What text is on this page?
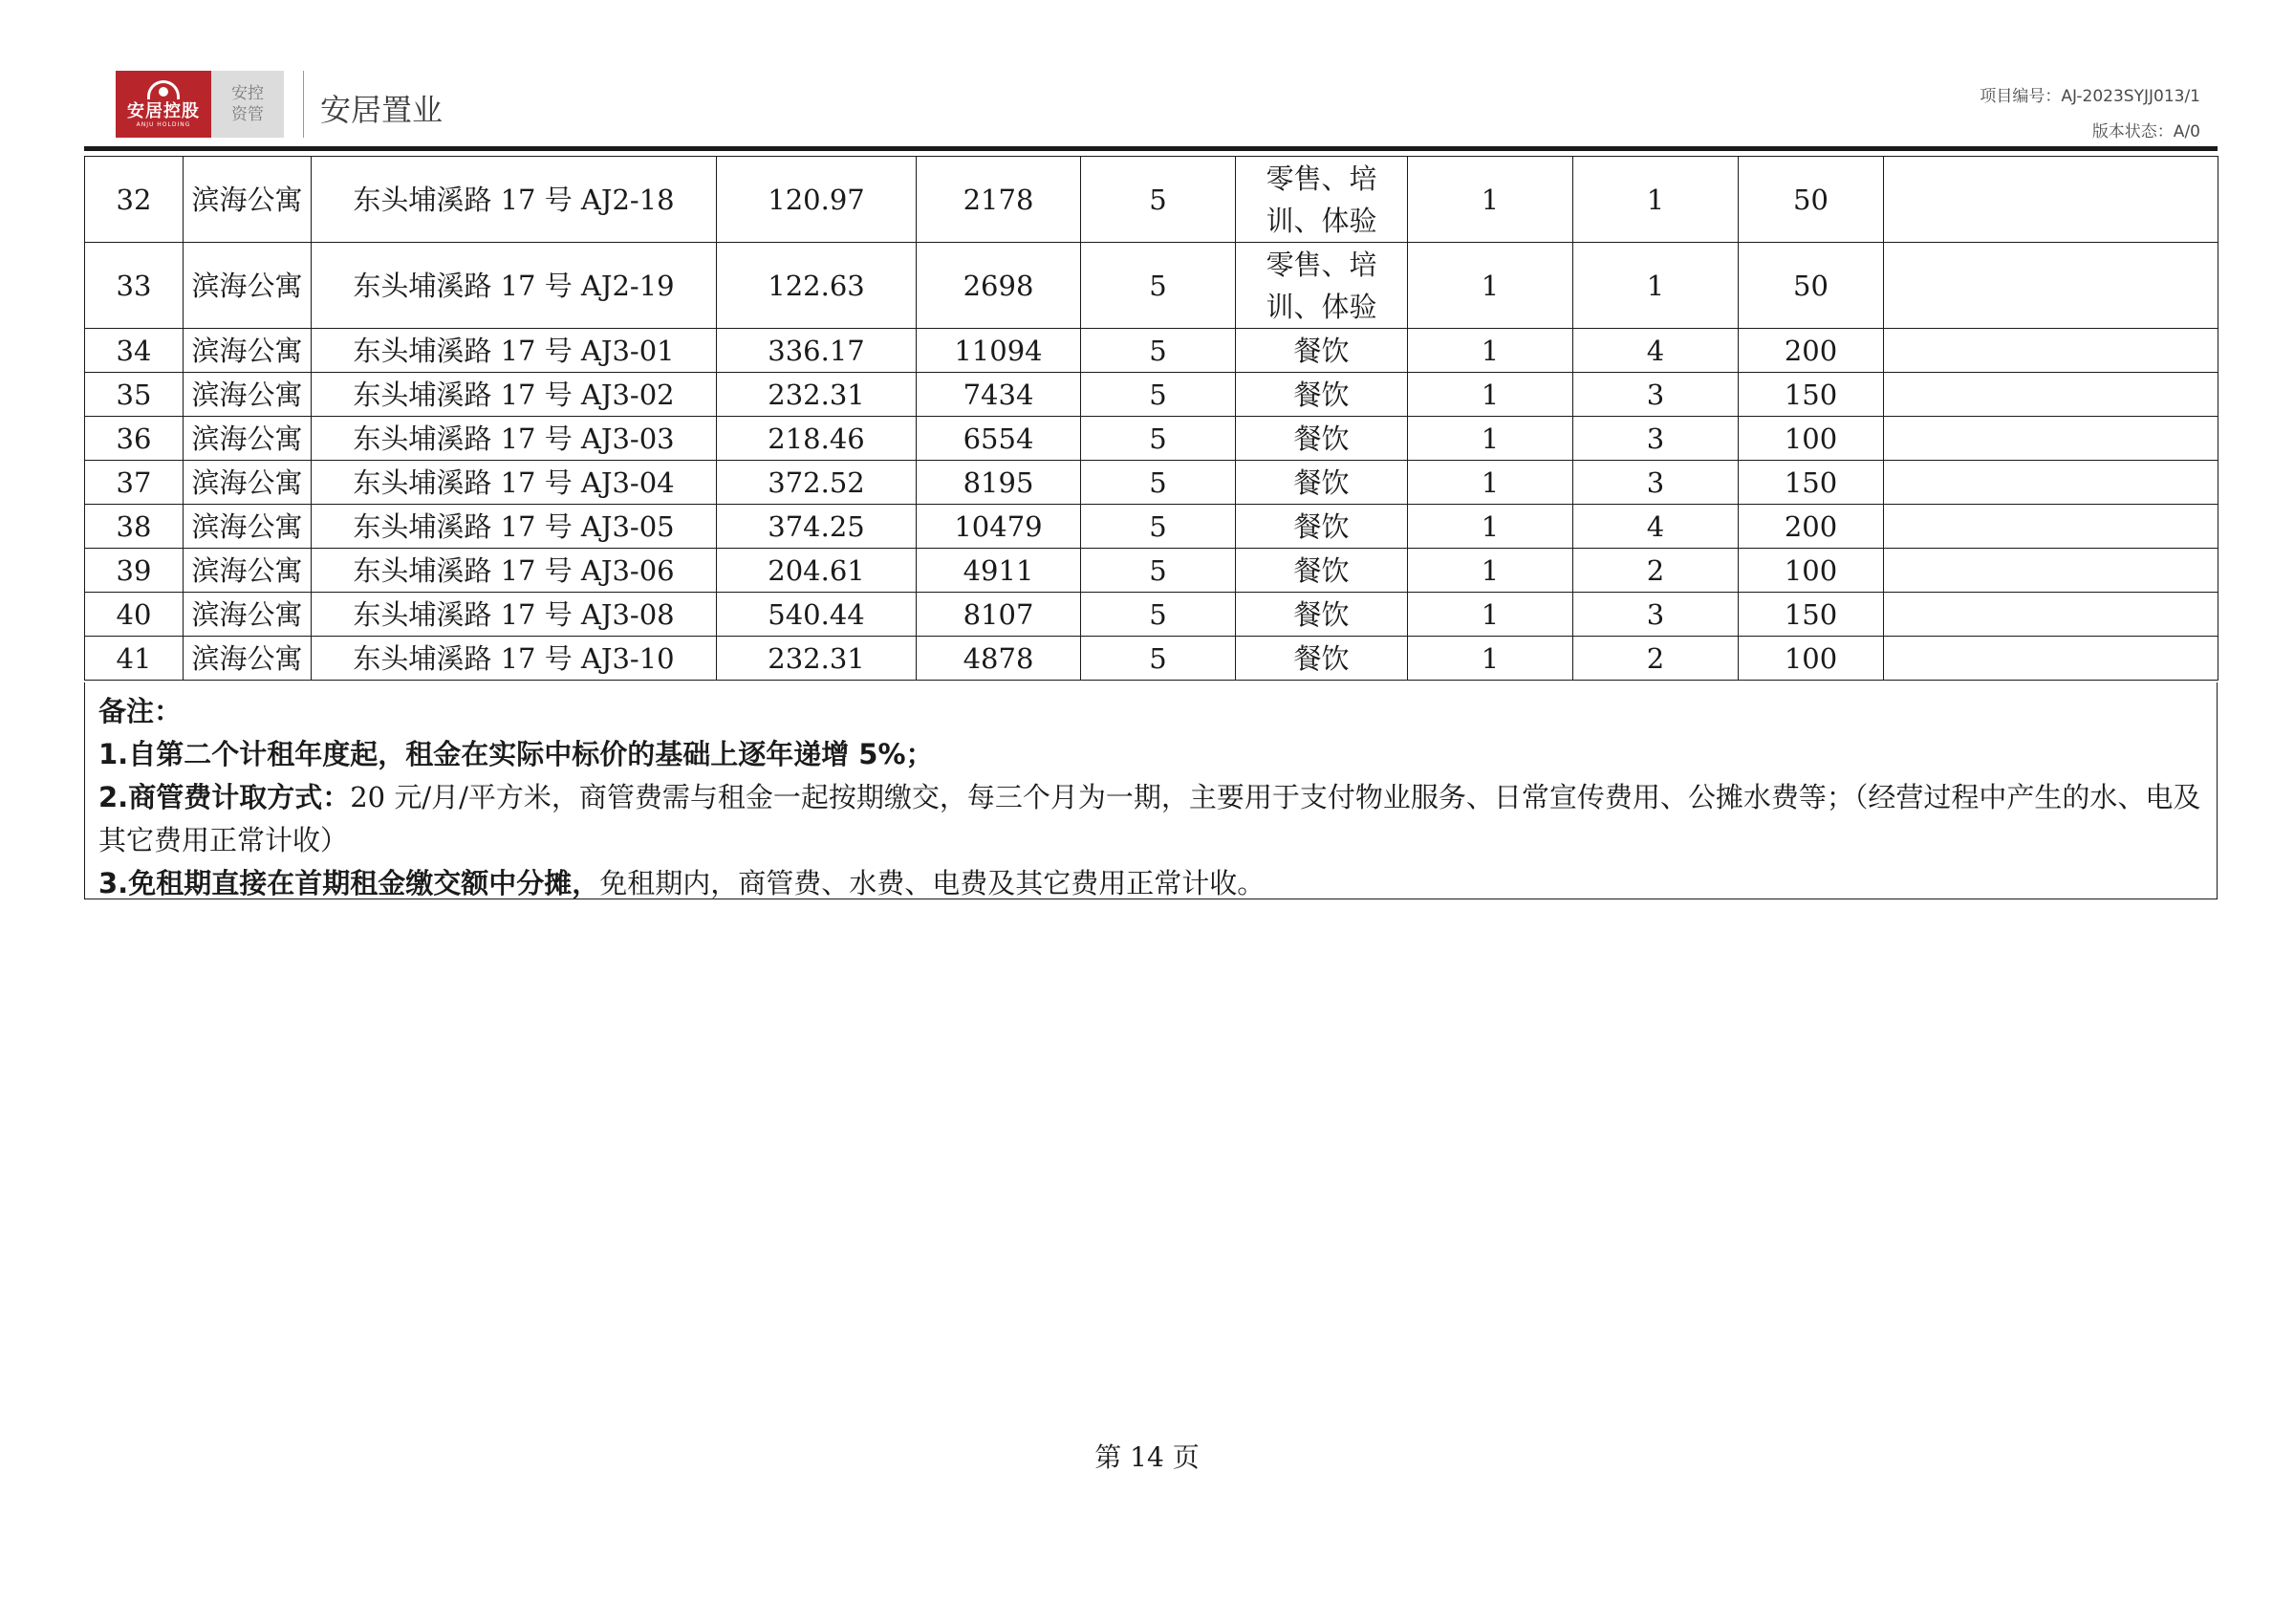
安居控股
ANJU HOLDING
安控
资管 安居置业	项目编号：AJ-2023SYJJ013/1
版本状态：A/0
32	滨海公寓	东头埔溪路 17 号 AJ2-18	120.97	2178	5	零售、培训、体验	1	1	50	
33	滨海公寓	东头埔溪路 17 号 AJ2-19	122.63	2698	5	零售、培训、体验	1	1	50	
34	滨海公寓	东头埔溪路 17 号 AJ3-01	336.17	11094	5	餐饮	1	4	200	
35	滨海公寓	东头埔溪路 17 号 AJ3-02	232.31	7434	5	餐饮	1	3	150	
36	滨海公寓	东头埔溪路 17 号 AJ3-03	218.46	6554	5	餐饮	1	3	100	
37	滨海公寓	东头埔溪路 17 号 AJ3-04	372.52	8195	5	餐饮	1	3	150	
38	滨海公寓	东头埔溪路 17 号 AJ3-05	374.25	10479	5	餐饮	1	4	200	
39	滨海公寓	东头埔溪路 17 号 AJ3-06	204.61	4911	5	餐饮	1	2	100	
40	滨海公寓	东头埔溪路 17 号 AJ3-08	540.44	8107	5	餐饮	1	3	150	
41	滨海公寓	东头埔溪路 17 号 AJ3-10	232.31	4878	5	餐饮	1	2	100	

备注：

1.自第二个计租年度起，租金在实际中标价的基础上逐年递增 5%；

2.商管费计取方式：20 元/月/平方米，商管费需与租金一起按期缴交，每三个月为一期，主要用于支付物业服务、日常宣传费用、公摊水费等；（经营过程中产生的水、电及其它费用正常计收）

3.免租期直接在首期租金缴交额中分摊，免租期内，商管费、水费、电费及其它费用正常计收。

第 14 页
